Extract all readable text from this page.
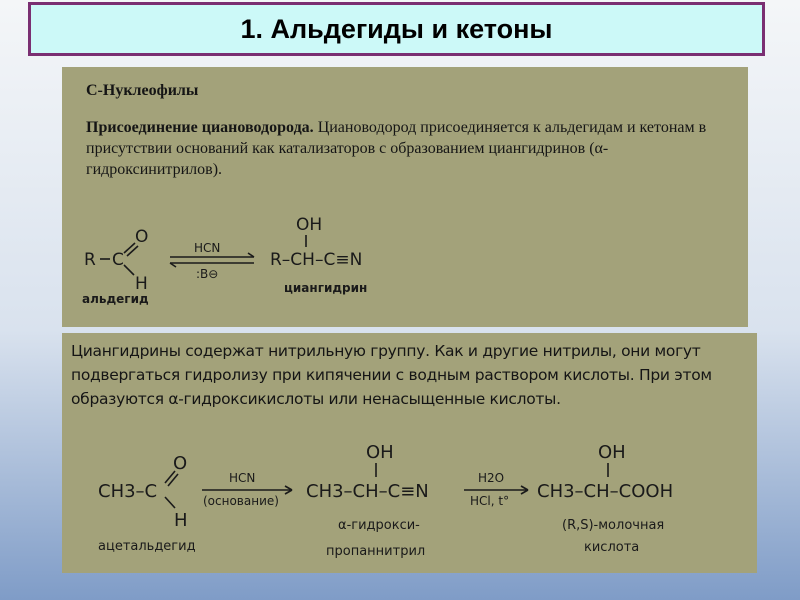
1. Альдегиды и кетоны
С-Нуклеофилы
Присоединение циановодорода. Циановодород присоединяется к альдегидам и кетонам в присутствии оснований как катализаторов с образованием циангидринов (α-гидроксинитрилов).
R C
O
H
альдегид
HCN
:B⊖
OH
R–CH–C≡N
циангидрин
Циангидрины содержат нитрильную группу. Как и другие нитрилы, они могут подвергаться гидролизу при кипячении с водным раствором кислоты. При этом образуются α-гидроксикислоты или ненасыщенные кислоты.
CH3–C
O
H
ацетальдегид
HCN
(основание)
OH
CH3–CH–C≡N
α-гидрокси-
пропаннитрил
H2O
HCl, t°
OH
CH3–CH–COOH
(R,S)-молочная
кислота
